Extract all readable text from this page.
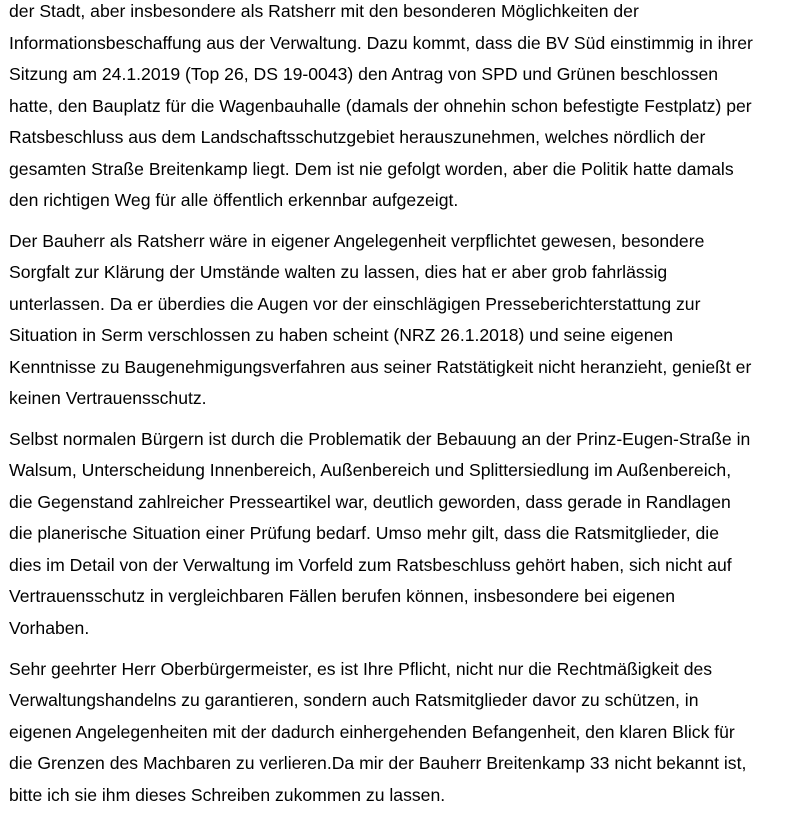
der Stadt, aber insbesondere als Ratsherr mit den besonderen Möglichkeiten der
Informationsbeschaffung aus der Verwaltung. Dazu kommt, dass die BV Süd einstimmig in ihrer
Sitzung am 24.1.2019 (Top 26, DS 19-0043) den Antrag von SPD und Grünen beschlossen
hatte, den Bauplatz für die Wagenbauhalle (damals der ohnehin schon befestigte Festplatz) per
Ratsbeschluss aus dem Landschaftsschutzgebiet herauszunehmen, welches nördlich der
gesamten Straße Breitenkamp liegt. Dem ist nie gefolgt worden, aber die Politik hatte damals
den richtigen Weg für alle öffentlich erkennbar aufgezeigt.
Der Bauherr als Ratsherr wäre in eigener Angelegenheit verpflichtet gewesen, besondere
Sorgfalt zur Klärung der Umstände walten zu lassen, dies hat er aber grob fahrlässig
unterlassen. Da er überdies die Augen vor der einschlägigen Presseberichterstattung zur
Situation in Serm verschlossen zu haben scheint (NRZ 26.1.2018) und seine eigenen
Kenntnisse zu Baugenehmigungsverfahren aus seiner Ratstätigkeit nicht heranzieht, genießt er
keinen Vertrauensschutz.
Selbst normalen Bürgern ist durch die Problematik der Bebauung an der Prinz-Eugen-Straße in
Walsum, Unterscheidung Innenbereich, Außenbereich und Splittersiedlung im Außenbereich,
die Gegenstand zahlreicher Presseartikel war, deutlich geworden, dass gerade in Randlagen
die planerische Situation einer Prüfung bedarf. Umso mehr gilt, dass die Ratsmitglieder, die
dies im Detail von der Verwaltung im Vorfeld zum Ratsbeschluss gehört haben, sich nicht auf
Vertrauensschutz in vergleichbaren Fällen berufen können, insbesondere bei eigenen
Vorhaben.
Sehr geehrter Herr Oberbürgermeister, es ist Ihre Pflicht, nicht nur die Rechtmäßigkeit des
Verwaltungshandelns zu garantieren, sondern auch Ratsmitglieder davor zu schützen, in
eigenen Angelegenheiten mit der dadurch einhergehenden Befangenheit, den klaren Blick für
die Grenzen des Machbaren zu verlieren.Da mir der Bauherr Breitenkamp 33 nicht bekannt ist,
bitte ich sie ihm dieses Schreiben zukommen zu lassen.
